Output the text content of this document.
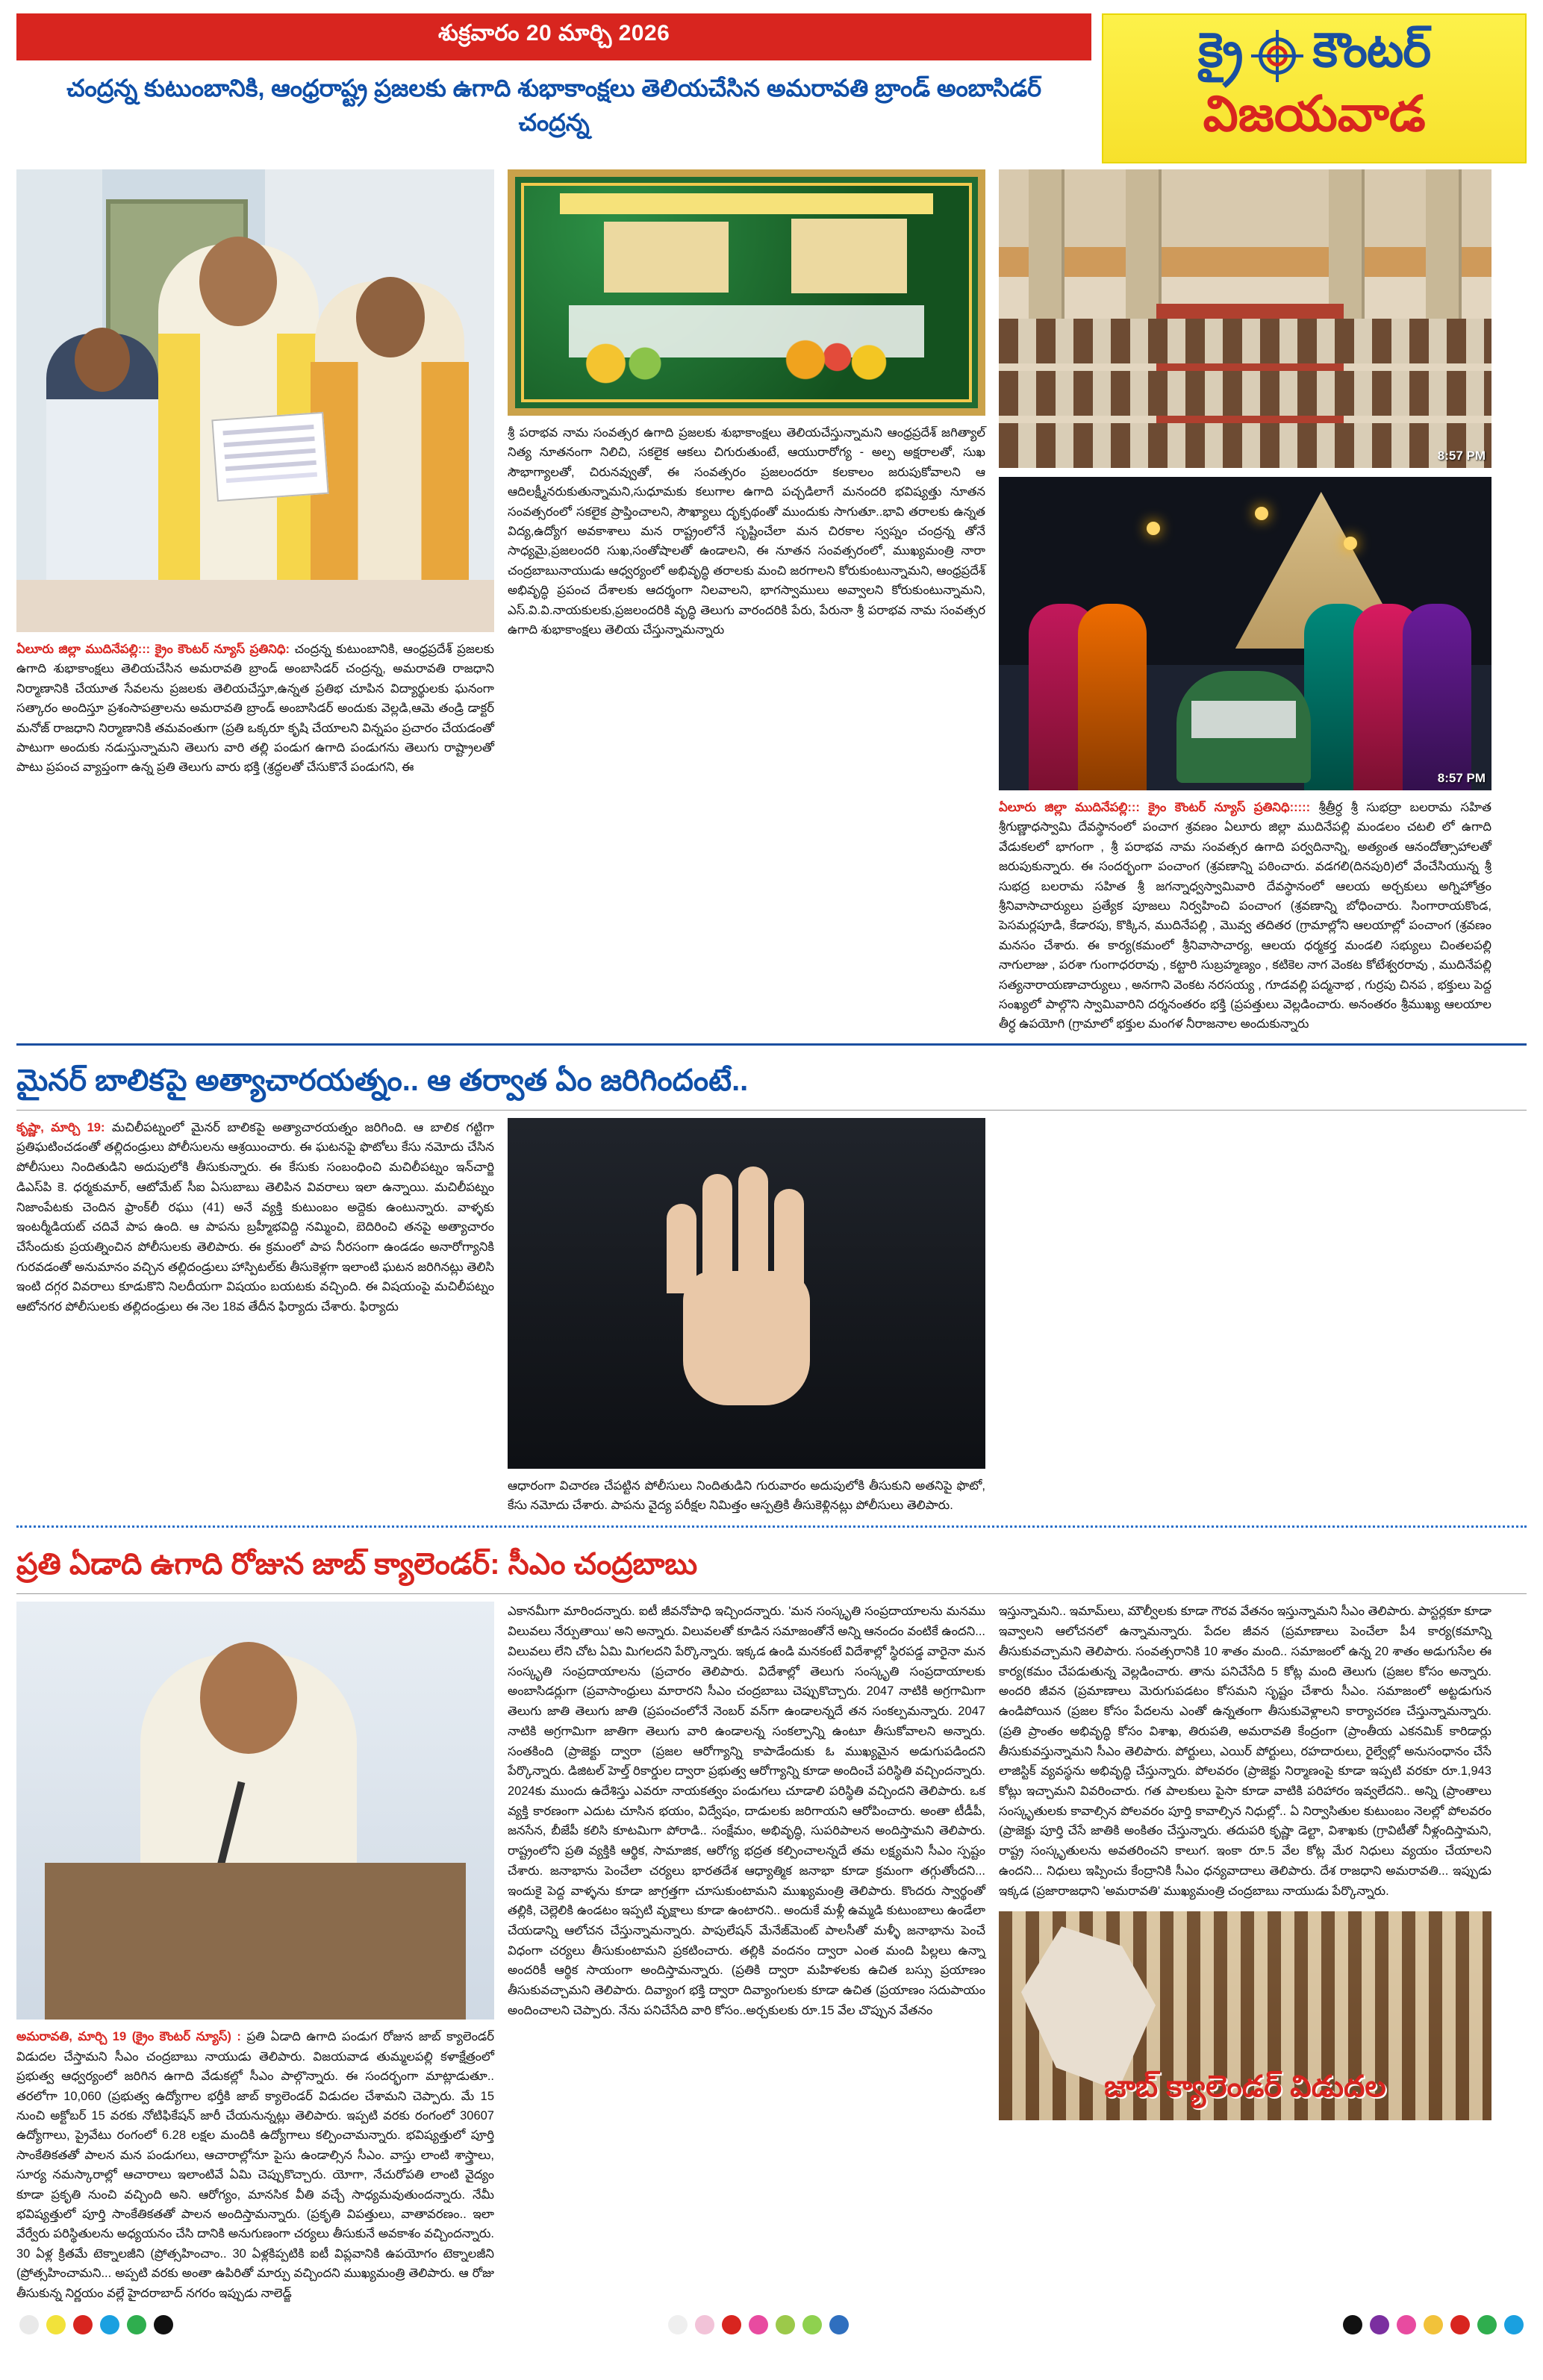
శుక్రవారం 20 మార్చి 2026
చంద్రన్న కుటుంబానికి, ఆంధ్రరాష్ట్ర ప్రజలకు ఉగాది శుభాకాంక్షలు తెలియచేసిన అమరావతి బ్రాండ్ అంబాసిడర్ చంద్రన్న
క్రై కౌంటర్
విజయవాడ
ఏలూరు జిల్లా ముదినేపల్లి::: క్రైం కౌంటర్ న్యూస్ ప్రతినిధి: చంద్రన్న కుటుంబానికి, ఆంధ్రప్రదేశ్ ప్రజలకు ఉగాది శుభాకాంక్షలు తెలియచేసిన అమరావతి బ్రాండ్ అంబాసిడర్ చంద్రన్న, అమరావతి రాజధాని నిర్మాణానికి చేయూత సేవలను ప్రజలకు తెలియచేస్తూ,ఉన్నత ప్రతిభ చూపిన విద్యార్థులకు ఘనంగా సత్కారం అందిస్తూ ప్రశంసాపత్రాలను అమరావతి బ్రాండ్ అంబాసిడర్ అందుకు వెల్లడి,ఆమె తండ్రి డాక్టర్ మనోజ్ రాజధాని నిర్మాణానికి తమవంతుగా (ప్రతి ఒక్కరూ కృషి చేయాలని విన్నపం ప్రచారం చేయడంతో పాటుగా అందుకు నడుస్తున్నామని తెలుగు వారి తల్లి పండుగ ఉగాది పండుగను తెలుగు రాష్ట్రాలతో పాటు ప్రపంచ వ్యాప్తంగా ఉన్న ప్రతి తెలుగు వారు భక్తి (శ్రద్ధలతో చేసుకొనే పండుగని, ఈ
శ్రీ పరాభవ నామ సంవత్సర ఉగాది ప్రజలకు శుభాకాంక్షలు తెలియచేస్తున్నామని ఆంధ్రప్రదేశ్ జగిత్యాల్ నిత్య నూతనంగా నిలిచి, సకలైక ఆకలు చిగురుతుంటే, ఆయురారోగ్య - అల్ప అక్షరాలతో, సుఖ సౌభాగ్యాలతో, చిరునవ్వుతో, ఈ సంవత్సరం ప్రజలందరూ కలకాలం జరుపుకోవాలని ఆ ఆదిలక్ష్మీనరుకుతున్నామని,సుధూమకు కలుగాల ఉగాది పచ్చడిలాగే మనందరి భవిష్యత్తు నూతన సంవత్సరంలో సకలైక ప్రాప్తించాలని, సౌఖ్యాలు దృక్పథంతో ముందుకు సాగుతూ..భావి తరాలకు ఉన్నత విద్య,ఉద్యోగ అవకాశాలు మన రాష్ట్రంలోనే సృష్టించేలా మన చిరకాల స్వప్నం చంద్రన్న తోనే సాధ్యమై,ప్రజలందరి సుఖ,సంతోషాలతో ఉండాలని, ఈ నూతన సంవత్సరంలో, ముఖ్యమంత్రి నారా చంద్రబాబునాయుడు ఆధ్వర్యంలో అభివృద్ధి తరాలకు మంచి జరగాలని కోరుకుంటున్నామని, ఆంధ్రప్రదేశ్ అభివృద్ధి ప్రపంచ దేశాలకు ఆదర్శంగా నిలవాలని, భాగస్వాములు అవ్వాలని కోరుకుంటున్నామని, ఎస్.వి.వి.నాయకులకు,ప్రజలందరికి వృద్ధి తెలుగు వారందరికి పేరు, పేరునా శ్రీ పరాభవ నామ సంవత్సర ఉగాది శుభాకాంక్షలు తెలియ చేస్తున్నామన్నారు
8:57 PM
8:57 PM
ఏలూరు జిల్లా ముదినేపల్లి::: క్రైం కౌంటర్ న్యూస్ ప్రతినిధి::::: శ్రీత్రీర్ధ శ్రీ సుభద్రా బలరామ సహిత శ్రీగుణ్ణాధస్వామి దేవస్థానంలో పంచాగ శ్రవణం ఏలూరు జిల్లా ముదినేపల్లి మండలం చటలి లో ఉగాది వేడుకలలో భాగంగా , శ్రీ పరాభవ నామ సంవత్సర ఉగాది పర్వదినాన్ని, అత్యంత ఆనందోత్సాహాలతో జరుపుకున్నారు. ఈ సందర్భంగా పంచాంగ (శ్రవణాన్ని పఠించారు. వడగలి(దినపురి)లో వేంచేసియున్న శ్రీ సుభద్ర బలరామ సహిత శ్రీ జగన్నాధ్వస్వామివారి దేవస్థానంలో ఆలయ అర్చకులు అగ్నిహోత్రం శ్రీనివాసాచార్యులు ప్రత్యేక పూజలు నిర్వహించి పంచాంగ (శ్రవణాన్ని బోధించారు. సింగారాయకొండ, పెసమర్లపూడి, కేడారపు, కొక్కిన, ముదినేపల్లి , మొవ్వ తదితర (గ్రామాల్లోని ఆలయాల్లో పంచాంగ (శ్రవణం మనసం చేశారు. ఈ కార్య(కమంలో శ్రీనివాసాచార్య, ఆలయ ధర్మకర్త మండలి సభ్యులు చింతలపల్లి నాగులాజు , పరశా గుంగాధరరావు , కట్టారి సుబ్రహ్మణ్యం , కటికెల నాగ వెంకట కోటేశ్వరరావు , ముదినేపల్లి సత్యనారాయణాచార్యులు , అనగాని వెంకట నరసయ్య , గూడవల్లి పద్మనాభ , గుర్రపు చినప , భక్తులు పెద్ద సంఖ్యలో పాల్గొని స్వామివారిని దర్శనంతరం భక్తి (ప్రపత్తులు వెల్లడించారు. అనంతరం శ్రీముఖ్య ఆలయాల తీర్ధ ఉపయోగి (గ్రామాలో భక్తుల మంగళ నీరాజనాల అందుకున్నారు
మైనర్ బాలికపై అత్యాచారయత్నం.. ఆ తర్వాత ఏం జరిగిందంటే..
కృష్ణా, మార్చి 19: మచిలీపట్నంలో మైనర్ బాలికపై అత్యాచారయత్నం జరిగింది. ఆ బాలిక గట్టిగా ప్రతిఘటించడంతో తల్లిదండ్రులు పోలీసులను ఆశ్రయించారు. ఈ ఘటనపై ఫొటోలు కేసు నమోదు చేసిన పోలీసులు నిందితుడిని అదుపులోకి తీసుకున్నారు. ఈ కేసుకు సంబంధించి మచిలీపట్నం ఇన్‌చార్జి డిఎస్‌పి కె. ధర్మకుమార్, ఆటోమేట్ సీఐ ఏసుబాబు తెలిపిన వివరాలు ఇలా ఉన్నాయి. మచిలీపట్నం నిజాంపేటకు చెందిన ఫ్రాంక్‌లీ రఘు (41) అనే వ్యక్తి కుటుంబం అద్దెకు ఉంటున్నారు. వాళ్ళకు ఇంటర్మీడియట్ చదివే పాప ఉంది. ఆ పాపను బ్రహ్మీభవిద్ది నమ్మించి, బెదిరించి తనపై అత్యాచారం చేసేందుకు ప్రయత్నించిన పోలీసులకు తెలిపారు. ఈ క్రమంలో పాప నీరసంగా ఉండడం అనారోగ్యానికి గురవడంతో అనుమానం వచ్చిన తల్లిదండ్రులు హాస్పిటల్‌కు తీసుకెళ్లగా ఇలాంటి ఘటన జరిగినట్లు తెలిసి ఇంటి దగ్గర వివరాలు కూడుకొని నిలదీయగా విషయం బయటకు వచ్చింది. ఈ విషయంపై మచిలీపట్నం ఆటోనగర పోలీసులకు తల్లిదండ్రులు ఈ నెల 18వ తేదీన ఫిర్యాదు చేశారు. ఫిర్యాదు
ఆధారంగా విచారణ చేపట్టిన పోలీసులు నిందితుడిని గురువారం అదుపులోకి తీసుకుని అతనిపై ఫొటో, కేసు నమోదు చేశారు. పాపను వైద్య పరీక్షల నిమిత్తం ఆస్పత్రికి తీసుకెళ్లినట్లు పోలీసులు తెలిపారు.
ప్రతి ఏడాది ఉగాది రోజున జాబ్ క్యాలెండర్: సీఎం చంద్రబాబు
అమరావతి, మార్చి 19 (క్రైం కౌంటర్ న్యూస్) : ప్రతి ఏడాది ఉగాది పండుగ రోజున జాబ్ క్యాలెండర్ విడుదల చేస్తామని సీఎం చంద్రబాబు నాయుడు తెలిపారు. విజయవాడ తుమ్మలపల్లి కళాక్షేత్రంలో ప్రభుత్వ ఆధ్వర్యంలో జరిగిన ఉగాది వేడుకల్లో సీఎం పాల్గొన్నారు. ఈ సందర్భంగా మాట్లాడుతూ.. తరలోగా 10,060 (ప్రభుత్వ ఉద్యోగాల భర్తీకి జాబ్ క్యాలెండర్ విడుదల చేశామని చెప్పారు. మే 15 నుంచి అక్టోబర్ 15 వరకు నోటిఫికేషన్ జారీ చేయనున్నట్లు తెలిపారు. ఇప్పటి వరకు రంగంలో 30607 ఉద్యోగాలు, ప్రైవేటు రంగంలో 6.28 లక్షల మందికి ఉద్యోగాలు కల్పించామన్నారు. భవిష్యత్తులో పూర్తి సాంకేతికతతో పాలన మన పండుగలు, ఆచారాల్లోనూ పైసు ఉండాల్సిన సీఎం. వాస్తు లాంటి శాస్త్రాలు, సూర్య నమస్కారాల్లో ఆచారాలు ఇలాంటివే ఏమి చెప్పుకొచ్చారు. యోగా, నేచురోపతి లాంటి వైద్యం కూడా ప్రకృతి నుంచి వచ్చింది అని. ఆరోగ్యం, మానసిక వీతి వచ్చే సాధ్యమవుతుందన్నారు. నేమీ భవిష్యత్తులో పూర్తి సాంకేతికతతో పాలన అందిస్తామన్నారు. (ప్రకృతి విపత్తులు, వాతావరణం.. ఇలా వేర్వేరు పరిస్థితులను అధ్యయనం చేసి దానికి అనుగుణంగా చర్యలు తీసుకునే అవకాశం వచ్చిందన్నారు. 30 ఏళ్ల క్రితమే టెక్నాలజీని (ప్రోత్సహించాం.. 30 ఏళ్లకిప్పటికి ఐటీ విప్లవానికి ఉపయోగం టెక్నాలజీని (ప్రోత్సహించామని... అప్పటి వరకు అంతా ఉపిరితో మార్పు వచ్చిందని ముఖ్యమంత్రి తెలిపారు. ఆ రోజు తీసుకున్న నిర్ణయం వల్లే హైదరాబాద్ నగరం ఇప్పుడు నాలెడ్జ్
ఎకానమీగా మారిందన్నారు. ఐటీ జీవనోపాధి ఇచ్చిందన్నారు. 'మన సంస్కృతి సంప్రదాయాలను మనము విలువలు నేర్పుతాయి' అని అన్నారు. విలువలతో కూడిన సమాజంతోనే అన్ని ఆనందం వంటికే ఉందని... విలువలు లేని చోట ఏమి మిగలదని పేర్కొన్నారు. ఇక్కడ ఉండి మనకంటే విదేశాల్లో స్థిరపడ్డ వారైనా మన సంస్కృతి సంప్రదాయాలను (ప్రచారం తెలిపారు. విదేశాల్లో తెలుగు సంస్కృతి సంప్రదాయాలకు అంబాసిడర్లుగా (ప్రవాసాంధ్రులు మారారని సీఎం చంద్రబాబు చెప్పుకొచ్చారు. 2047 నాటికి అగ్రగామిగా తెలుగు జాతి తెలుగు జాతి (ప్రపంచంలోనే నెంబర్ వన్‌గా ఉండాలన్నదే తన సంకల్పమన్నారు. 2047 నాటికి అగ్రగామిగా జాతిగా తెలుగు వారి ఉండాలన్న సంకల్పాన్ని ఉంటూ తీసుకోవాలని అన్నారు. సంతకింది (ప్రాజెక్టు ద్వారా (ప్రజల ఆరోగ్యాన్ని కాపాడేందుకు ఓ ముఖ్యమైన అడుగుపడిందని పేర్కొన్నారు. డిజిటల్ హెల్త్ రికార్డుల ద్వారా ప్రభుత్వ ఆరోగ్యాన్ని కూడా అందించే పరిస్థితి వచ్చిందన్నారు. 2024కు ముందు ఉదేశిస్తు ఎవరూ నాయకత్వం పండుగలు చూడాలి పరిస్థితి వచ్చిందని తెలిపారు. ఒక వ్యక్తి కారణంగా ఎదుట చూసిన భయం, విద్వేషం, దాడులకు జరిగాయని ఆరోపించారు. అంతా టీడీపీ, జనసేన, బీజేపీ కలిసి కూటమిగా పోరాడి.. సంక్షేమం, అభివృద్ధి, సుపరిపాలన అందిస్తామని తెలిపారు. రాష్ట్రంలోని ప్రతి వ్యక్తికి ఆర్థిక, సామాజిక, ఆరోగ్య భద్రత కల్పించాలన్నదే తమ లక్ష్యమని సీఎం స్పష్టం చేశారు. జనాభాను పెంచేలా చర్యలు భారతదేశ ఆధ్యాత్మిక జనాభా కూడా క్రమంగా తగ్గుతోందని... ఇందుకై పెద్ద వాళ్ళను కూడా జాగ్రత్తగా చూసుకుంటామని ముఖ్యమంత్రి తెలిపారు. కొందరు స్వార్థంతో తల్లికి, చెల్లెలికి ఉండటం ఇప్పటి వృక్షాలు కూడా ఉంటారని.. అందుకే మళ్లీ ఉమ్మడి కుటుంబాలు ఉండేలా చేయడాన్ని ఆలోచన చేస్తున్నామన్నారు. పాపులేషన్ మేనేజ్‌మెంట్ పాలసీతో మళ్ళీ జనాభాను పెంచే విధంగా చర్యలు తీసుకుంటామని ప్రకటించారు. తల్లికి వందనం ద్వారా ఎంత మంది పిల్లలు ఉన్నా అందరికీ ఆర్థిక సాయంగా అందిస్తామన్నారు. (ప్రతికి ద్వారా మహిళలకు ఉచిత బస్సు ప్రయాణం తీసుకువచ్చామని తెలిపారు. దివ్యాంగ భక్తి ద్వారా దివ్యాంగులకు కూడా ఉచిత (ప్రయాణం సదుపాయం అందించాలని చెప్పారు. నేను పనిచేసేది వారి కోసం..అర్చకులకు రూ.15 వేల చొప్పున వేతనం
ఇస్తున్నామని.. ఇమామ్‌లు, మౌల్వీలకు కూడా గౌరవ వేతనం ఇస్తున్నామని సీఎం తెలిపారు. పాస్టర్లకూ కూడా ఇవ్వాలని ఆలోచనలో ఉన్నామన్నారు. పేదల జీవన (ప్రమాణాలు పెంచేలా పీ4 కార్య(కమాన్ని తీసుకువచ్చామని తెలిపారు. సంవత్సరానికి 10 శాతం మంది.. సమాజంలో ఉన్న 20 శాతం అడుగుసేల ఈ కార్య(కమం చేపడుతున్న వెల్లడించారు. తాను పనిచేసేది 5 కోట్ల మంది తెలుగు (ప్రజల కోసం అన్నారు. అందరి జీవన (ప్రమాణాలు మెరుగుపడటం కోసమని సృష్టం చేశారు సీఎం. సమాజంలో అట్టడుగున ఉండిపోయిన (ప్రజల కోసం పేదలను ఎంతో ఉన్నతంగా తీసుకువెళ్లాలని కార్యాచరణ చేస్తున్నామన్నారు. (ప్రతి ప్రాంతం అభివృద్ధి కోసం విశాఖ, తిరుపతి, అమరావతి కేంద్రంగా (ప్రాంతీయ ఎకనమిక్ కారిడార్లు తీసుకువస్తున్నామని సీఎం తెలిపారు. పోర్టులు, ఎయిర్ పోర్టులు, రహదారులు, రైల్వేల్లో అనుసంధానం చేసే లాజిస్టిక్ వ్యవస్థను అభివృద్ధి చేస్తున్నారు. పోలవరం (ప్రాజెక్టు నిర్మాణంపై కూడా ఇప్పటి వరకూ రూ.1,943 కోట్లు ఇచ్చామని వివరించారు. గత పాలకులు పైసా కూడా వాటికి పరిహారం ఇవ్వలేదని.. అన్ని (ప్రాంతాలు సంస్కృతులకు కావాల్సిన పోలవరం పూర్తి కావాల్సిన నిధుల్లో.. ఏ నిర్వాసితుల కుటుంబం నెలల్లో పోలవరం (ప్రాజెక్టు పూర్తి చేసే జాతికి అంకితం చేస్తున్నారు. తదుపరి కృష్ణా డెల్టా, విశాఖకు (గ్రావిటీతో నీళ్లందిస్తామని, రాష్ట్ర సంస్కృతులను అవతరించని కాలుగ. ఇంకా రూ.5 వేల కోట్ల మేర నిధులు వ్యయం చేయాలని ఉందని... నిధులు ఇప్పించు కేంద్రానికి సీఎం ధన్యవాదాలు తెలిపారు. దేశ రాజధాని అమరావతి... ఇప్పుడు ఇక్కడ (ప్రజారాజధాని 'అమరావతి' ముఖ్యమంత్రి చంద్రబాబు నాయుడు పేర్కొన్నారు.
జాబ్ క్యాలెండర్ విడుదల
